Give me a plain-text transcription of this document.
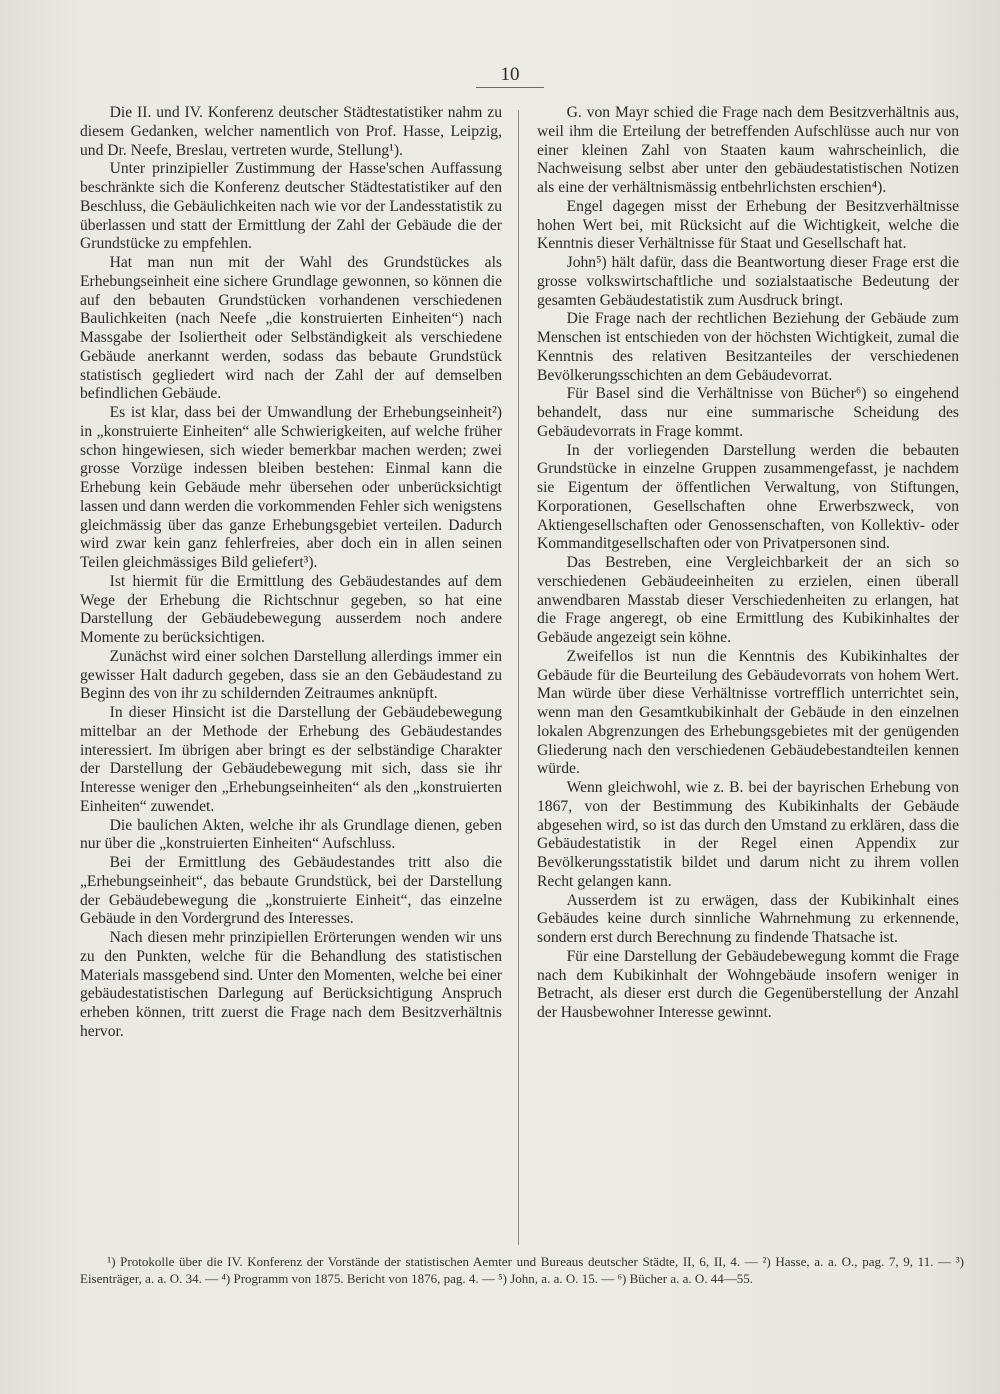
10

Die II. und IV. Konferenz deutscher Städtestatistiker nahm zu diesem Gedanken, welcher namentlich von Prof. Hasse, Leipzig, und Dr. Neefe, Breslau, vertreten wurde, Stellung¹).

Unter prinzipieller Zustimmung der Hasse'schen Auffassung beschränkte sich die Konferenz deutscher Städtestatistiker auf den Beschluss, die Gebäulichkeiten nach wie vor der Landesstatistik zu überlassen und statt der Ermittlung der Zahl der Gebäude die der Grundstücke zu empfehlen.

Hat man nun mit der Wahl des Grundstückes als Erhebungseinheit eine sichere Grundlage gewonnen, so können die auf den bebauten Grundstücken vorhandenen verschiedenen Baulichkeiten (nach Neefe „die konstruierten Einheiten“) nach Massgabe der Isoliertheit oder Selbständigkeit als verschiedene Gebäude anerkannt werden, sodass das bebaute Grundstück statistisch gegliedert wird nach der Zahl der auf demselben befindlichen Gebäude.

Es ist klar, dass bei der Umwandlung der Erhebungseinheit²) in „konstruierte Einheiten“ alle Schwierigkeiten, auf welche früher schon hingewiesen, sich wieder bemerkbar machen werden; zwei grosse Vorzüge indessen bleiben bestehen: Einmal kann die Erhebung kein Gebäude mehr übersehen oder unberücksichtigt lassen und dann werden die vorkommenden Fehler sich wenigstens gleichmässig über das ganze Erhebungsgebiet verteilen. Dadurch wird zwar kein ganz fehlerfreies, aber doch ein in allen seinen Teilen gleichmässiges Bild geliefert³).

Ist hiermit für die Ermittlung des Gebäudestandes auf dem Wege der Erhebung die Richtschnur gegeben, so hat eine Darstellung der Gebäudebewegung ausserdem noch andere Momente zu berücksichtigen.

Zunächst wird einer solchen Darstellung allerdings immer ein gewisser Halt dadurch gegeben, dass sie an den Gebäudestand zu Beginn des von ihr zu schildernden Zeitraumes anknüpft.

In dieser Hinsicht ist die Darstellung der Gebäudebewegung mittelbar an der Methode der Erhebung des Gebäudestandes interessiert. Im übrigen aber bringt es der selbständige Charakter der Darstellung der Gebäudebewegung mit sich, dass sie ihr Interesse weniger den „Erhebungseinheiten“ als den „konstruierten Einheiten“ zuwendet.

Die baulichen Akten, welche ihr als Grundlage dienen, geben nur über die „konstruierten Einheiten“ Aufschluss.

Bei der Ermittlung des Gebäudestandes tritt also die „Erhebungseinheit“, das bebaute Grundstück, bei der Darstellung der Gebäudebewegung die „konstruierte Einheit“, das einzelne Gebäude in den Vordergrund des Interesses.

Nach diesen mehr prinzipiellen Erörterungen wenden wir uns zu den Punkten, welche für die Behandlung des statistischen Materials massgebend sind. Unter den Momenten, welche bei einer gebäudestatistischen Darlegung auf Berücksichtigung Anspruch erheben können, tritt zuerst die Frage nach dem Besitzverhältnis hervor.

G. von Mayr schied die Frage nach dem Besitzverhältnis aus, weil ihm die Erteilung der betreffenden Aufschlüsse auch nur von einer kleinen Zahl von Staaten kaum wahrscheinlich, die Nachweisung selbst aber unter den gebäudestatistischen Notizen als eine der verhältnismässig entbehrlichsten erschien⁴).

Engel dagegen misst der Erhebung der Besitzverhältnisse hohen Wert bei, mit Rücksicht auf die Wichtigkeit, welche die Kenntnis dieser Verhältnisse für Staat und Gesellschaft hat.

John⁵) hält dafür, dass die Beantwortung dieser Frage erst die grosse volkswirtschaftliche und sozialstaatische Bedeutung der gesamten Gebäudestatistik zum Ausdruck bringt.

Die Frage nach der rechtlichen Beziehung der Gebäude zum Menschen ist entschieden von der höchsten Wichtigkeit, zumal die Kenntnis des relativen Besitzanteiles der verschiedenen Bevölkerungsschichten an dem Gebäudevorrat.

Für Basel sind die Verhältnisse von Bücher⁶) so eingehend behandelt, dass nur eine summarische Scheidung des Gebäudevorrats in Frage kommt.

In der vorliegenden Darstellung werden die bebauten Grundstücke in einzelne Gruppen zusammengefasst, je nachdem sie Eigentum der öffentlichen Verwaltung, von Stiftungen, Korporationen, Gesellschaften ohne Erwerbszweck, von Aktiengesellschaften oder Genossenschaften, von Kollektiv- oder Kommanditgesellschaften oder von Privatpersonen sind.

Das Bestreben, eine Vergleichbarkeit der an sich so verschiedenen Gebäudeeinheiten zu erzielen, einen überall anwendbaren Masstab dieser Verschiedenheiten zu erlangen, hat die Frage angeregt, ob eine Ermittlung des Kubikinhaltes der Gebäude angezeigt sein köhne.

Zweifellos ist nun die Kenntnis des Kubikinhaltes der Gebäude für die Beurteilung des Gebäudevorrats von hohem Wert. Man würde über diese Verhältnisse vortrefflich unterrichtet sein, wenn man den Gesamtkubikinhalt der Gebäude in den einzelnen lokalen Abgrenzungen des Erhebungsgebietes mit der genügenden Gliederung nach den verschiedenen Gebäudebestandteilen kennen würde.

Wenn gleichwohl, wie z. B. bei der bayrischen Erhebung von 1867, von der Bestimmung des Kubikinhalts der Gebäude abgesehen wird, so ist das durch den Umstand zu erklären, dass die Gebäudestatistik in der Regel einen Appendix zur Bevölkerungsstatistik bildet und darum nicht zu ihrem vollen Recht gelangen kann.

Ausserdem ist zu erwägen, dass der Kubikinhalt eines Gebäudes keine durch sinnliche Wahrnehmung zu erkennende, sondern erst durch Berechnung zu findende Thatsache ist.

Für eine Darstellung der Gebäudebewegung kommt die Frage nach dem Kubikinhalt der Wohngebäude insofern weniger in Betracht, als dieser erst durch die Gegenüberstellung der Anzahl der Hausbewohner Interesse gewinnt.

¹) Protokolle über die IV. Konferenz der Vorstände der statistischen Aemter und Bureaus deutscher Städte, II, 6, II, 4. — ²) Hasse, a. a. O., pag. 7, 9, 11. — ³) Eisenträger, a. a. O. 34. — ⁴) Programm von 1875. Bericht von 1876, pag. 4. — ⁵) John, a. a. O. 15. — ⁶) Bücher a. a. O. 44—55.
